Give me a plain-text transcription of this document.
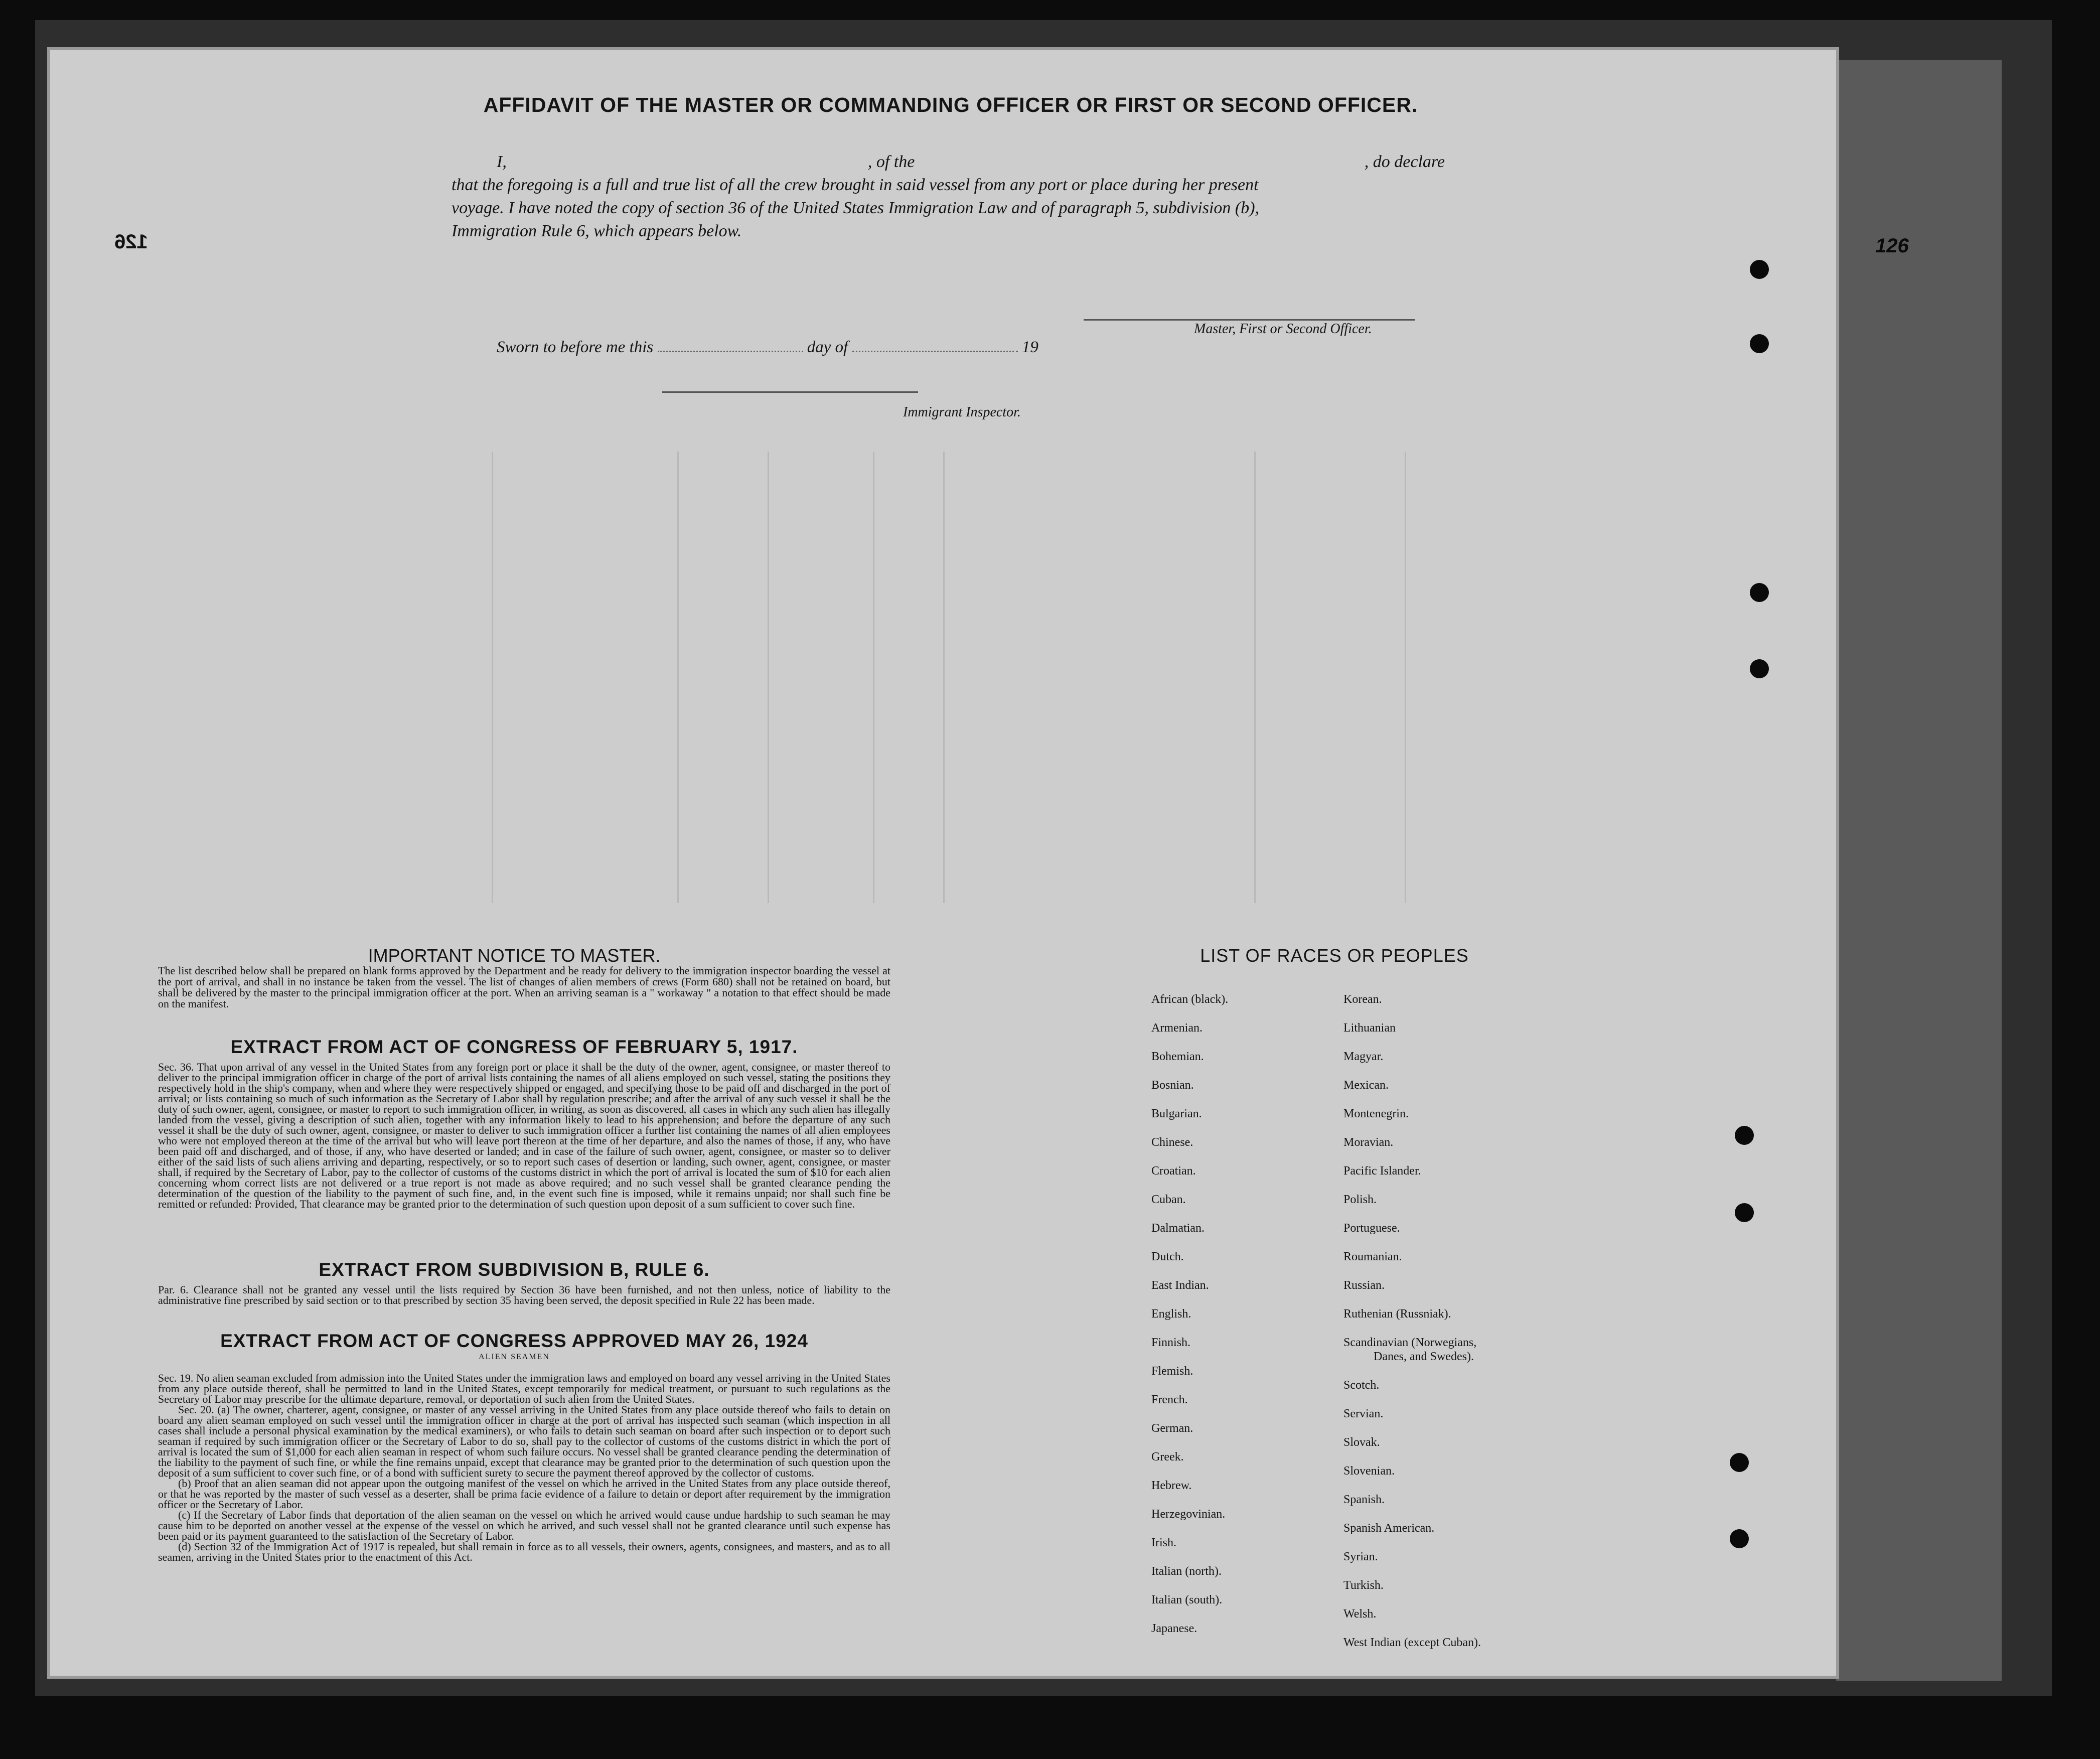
AFFIDAVIT OF THE MASTER OR COMMANDING OFFICER OR FIRST OR SECOND OFFICER.
I,	, of the	, do declare
that the foregoing is a full and true list of all the crew brought in said vessel from any port or place during her present
voyage. I have noted the copy of section 36 of the United States Immigration Law and of paragraph 5, subdivision (b),
Immigration Rule 6, which appears below.
Master, First or Second Officer.
Sworn to before me this	day of	19
Immigrant Inspector.
126	126
IMPORTANT NOTICE TO MASTER.
The list described below shall be prepared on blank forms approved by the Department and be ready for delivery to the immigration inspector boarding the vessel at the port of arrival, and shall in no instance be taken from the vessel. The list of changes of alien members of crews (Form 680) shall not be retained on board, but shall be delivered by the master to the principal immigration officer at the port. When an arriving seaman is a " workaway " a notation to that effect should be made on the manifest.
EXTRACT FROM ACT OF CONGRESS OF FEBRUARY 5, 1917.
Sec. 36. That upon arrival of any vessel in the United States from any foreign port or place it shall be the duty of the owner, agent, consignee, or master thereof to deliver to the principal immigration officer in charge of the port of arrival lists containing the names of all aliens employed on such vessel, stating the positions they respectively hold in the ship's company, when and where they were respectively shipped or engaged, and specifying those to be paid off and discharged in the port of arrival; or lists containing so much of such information as the Secretary of Labor shall by regulation prescribe; and after the arrival of any such vessel it shall be the duty of such owner, agent, consignee, or master to report to such immigration officer, in writing, as soon as discovered, all cases in which any such alien has illegally landed from the vessel, giving a description of such alien, together with any information likely to lead to his apprehension; and before the departure of any such vessel it shall be the duty of such owner, agent, consignee, or master to deliver to such immigration officer a further list containing the names of all alien employees who were not employed thereon at the time of the arrival but who will leave port thereon at the time of her departure, and also the names of those, if any, who have been paid off and discharged, and of those, if any, who have deserted or landed; and in case of the failure of such owner, agent, consignee, or master so to deliver either of the said lists of such aliens arriving and departing, respectively, or so to report such cases of desertion or landing, such owner, agent, consignee, or master shall, if required by the Secretary of Labor, pay to the collector of customs of the customs district in which the port of arrival is located the sum of $10 for each alien concerning whom correct lists are not delivered or a true report is not made as above required; and no such vessel shall be granted clearance pending the determination of the question of the liability to the payment of such fine, and, in the event such fine is imposed, while it remains unpaid; nor shall such fine be remitted or refunded: Provided, That clearance may be granted prior to the determination of such question upon deposit of a sum sufficient to cover such fine.
EXTRACT FROM SUBDIVISION B, RULE 6.
Par. 6. Clearance shall not be granted any vessel until the lists required by Section 36 have been furnished, and not then unless, notice of liability to the administrative fine prescribed by said section or to that prescribed by section 35 having been served, the deposit specified in Rule 22 has been made.
EXTRACT FROM ACT OF CONGRESS APPROVED MAY 26, 1924
ALIEN SEAMEN
Sec. 19. No alien seaman excluded from admission into the United States under the immigration laws and employed on board any vessel arriving in the United States from any place outside thereof, shall be permitted to land in the United States, except temporarily for medical treatment, or pursuant to such regulations as the Secretary of Labor may prescribe for the ultimate departure, removal, or deportation of such alien from the United States.
Sec. 20. (a) The owner, charterer, agent, consignee, or master of any vessel arriving in the United States from any place outside thereof who fails to detain on board any alien seaman employed on such vessel until the immigration officer in charge at the port of arrival has inspected such seaman (which inspection in all cases shall include a personal physical examination by the medical examiners), or who fails to detain such seaman on board after such inspection or to deport such seaman if required by such immigration officer or the Secretary of Labor to do so, shall pay to the collector of customs of the customs district in which the port of arrival is located the sum of $1,000 for each alien seaman in respect of whom such failure occurs. No vessel shall be granted clearance pending the determination of the liability to the payment of such fine, or while the fine remains unpaid, except that clearance may be granted prior to the determination of such question upon the deposit of a sum sufficient to cover such fine, or of a bond with sufficient surety to secure the payment thereof approved by the collector of customs.
(b) Proof that an alien seaman did not appear upon the outgoing manifest of the vessel on which he arrived in the United States from any place outside thereof, or that he was reported by the master of such vessel as a deserter, shall be prima facie evidence of a failure to detain or deport after requirement by the immigration officer or the Secretary of Labor.
(c) If the Secretary of Labor finds that deportation of the alien seaman on the vessel on which he arrived would cause undue hardship to such seaman he may cause him to be deported on another vessel at the expense of the vessel on which he arrived, and such vessel shall not be granted clearance until such expense has been paid or its payment guaranteed to the satisfaction of the Secretary of Labor.
(d) Section 32 of the Immigration Act of 1917 is repealed, but shall remain in force as to all vessels, their owners, agents, consignees, and masters, and as to all seamen, arriving in the United States prior to the enactment of this Act.
LIST OF RACES OR PEOPLES
African (black).
Armenian.
Bohemian.
Bosnian.
Bulgarian.
Chinese.
Croatian.
Cuban.
Dalmatian.
Dutch.
East Indian.
English.
Finnish.
Flemish.
French.
German.
Greek.
Hebrew.
Herzegovinian.
Irish.
Italian (north).
Italian (south).
Japanese.
Korean.
Lithuanian
Magyar.
Mexican.
Montenegrin.
Moravian.
Pacific Islander.
Polish.
Portuguese.
Roumanian.
Russian.
Ruthenian (Russniak).
Scandinavian (Norwegians,
Danes, and Swedes).
Scotch.
Servian.
Slovak.
Slovenian.
Spanish.
Spanish American.
Syrian.
Turkish.
Welsh.
West Indian (except Cuban).
